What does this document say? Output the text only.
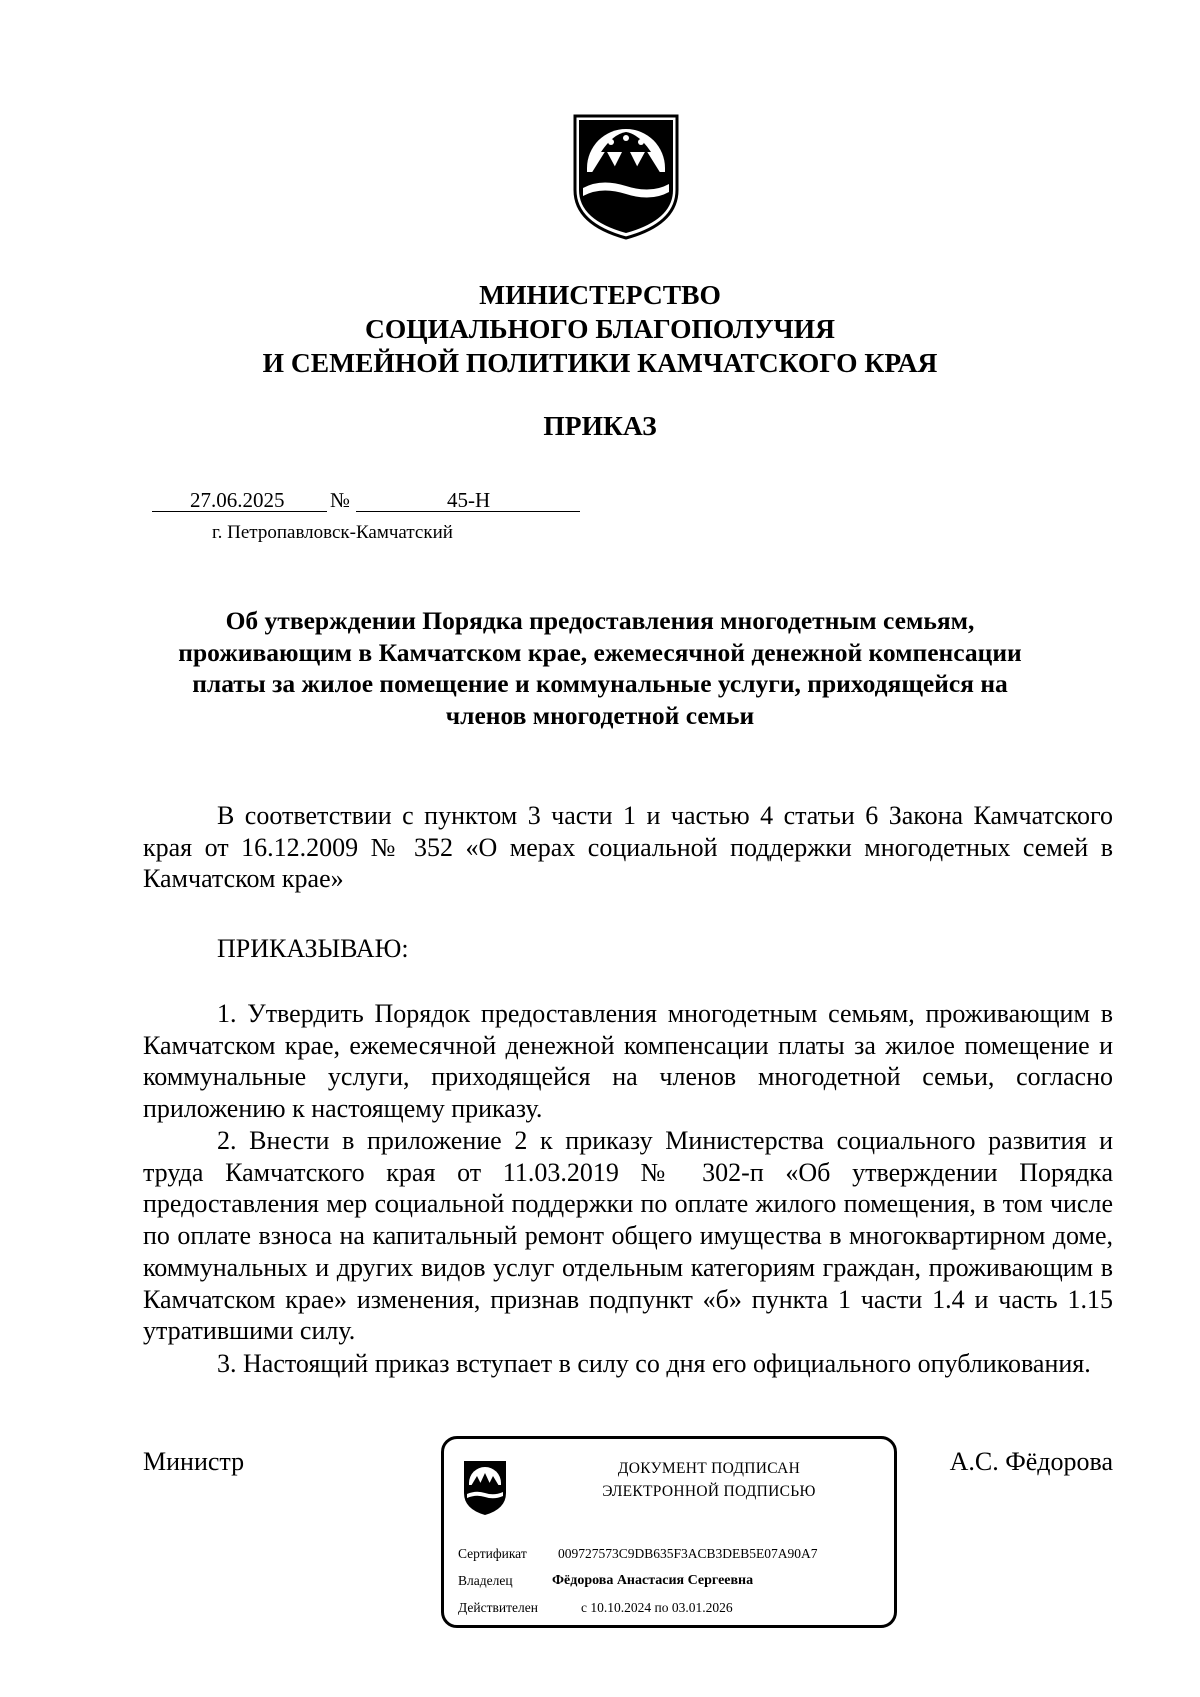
МИНИСТЕРСТВО
СОЦИАЛЬНОГО БЛАГОПОЛУЧИЯ
И СЕМЕЙНОЙ ПОЛИТИКИ КАМЧАТСКОГО КРАЯ
ПРИКАЗ
27.06.2025 №	45-Н
г. Петропавловск-Камчатский
Об утверждении Порядка предоставления многодетным семьям,
проживающим в Камчатском крае, ежемесячной денежной компенсации
платы за жилое помещение и коммунальные услуги, приходящейся на
членов многодетной семьи
В соответствии с пунктом 3 части 1 и частью 4 статьи 6 Закона Камчатского края от 16.12.2009 № 352 «О мерах социальной поддержки многодетных семей в Камчатском крае»
ПРИКАЗЫВАЮ:
1. Утвердить Порядок предоставления многодетным семьям, проживающим в Камчатском крае, ежемесячной денежной компенсации платы за жилое помещение и коммунальные услуги, приходящейся на членов многодетной семьи, согласно приложению к настоящему приказу.
2. Внести в приложение 2 к приказу Министерства социального развития и труда Камчатского края от 11.03.2019 № 302-п «Об утверждении Порядка предоставления мер социальной поддержки по оплате жилого помещения, в том числе по оплате взноса на капитальный ремонт общего имущества в многоквартирном доме, коммунальных и других видов услуг отдельным категориям граждан, проживающим в Камчатском крае» изменения, признав подпункт «б» пункта 1 части 1.4 и часть 1.15 утратившими силу.
3. Настоящий приказ вступает в силу со дня его официального опубликования.
Министр	А.С. Фёдорова
ДОКУМЕНТ ПОДПИСАН
ЭЛЕКТРОННОЙ ПОДПИСЬЮ
Сертификат 009727573C9DB635F3ACB3DEB5E07A90A7
Владелец	Фёдорова Анастасия Сергеевна
Действителен	с 10.10.2024 по 03.01.2026
